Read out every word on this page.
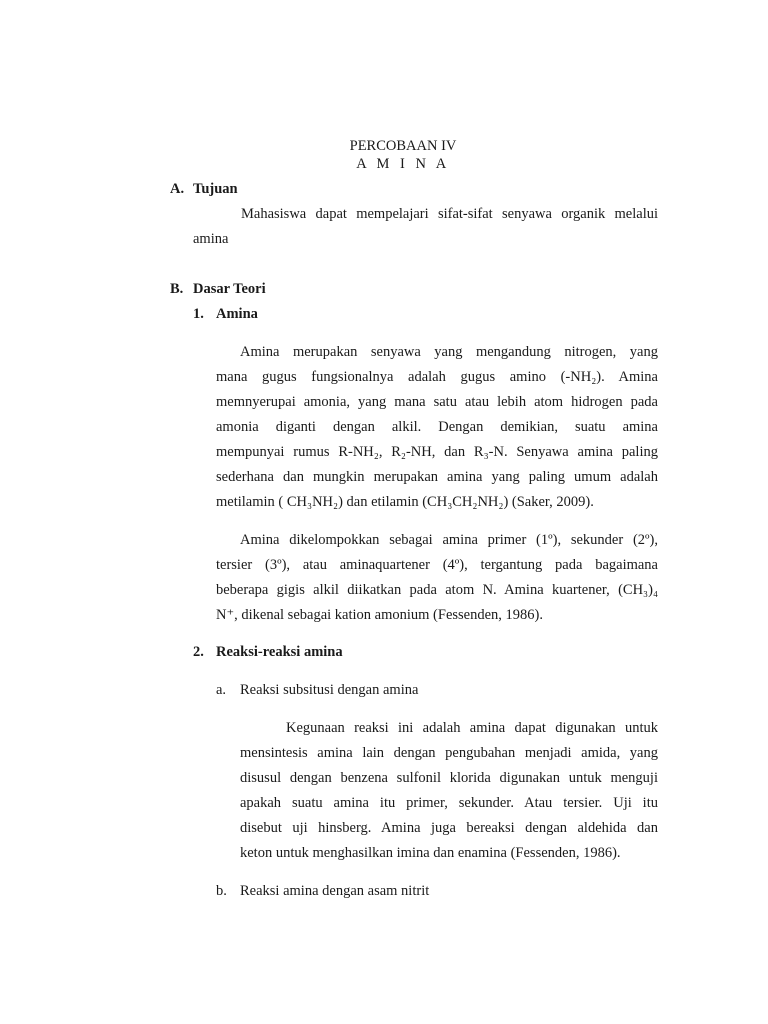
PERCOBAAN IV
A M I N A
A. Tujuan
Mahasiswa dapat mempelajari sifat-sifat senyawa organik melalui
amina
B. Dasar Teori
1. Amina
Amina merupakan senyawa yang mengandung nitrogen, yang
mana gugus fungsionalnya adalah gugus amino (-NH₂). Amina
memnyerupai amonia, yang mana satu atau lebih atom hidrogen pada
amonia diganti dengan alkil. Dengan demikian, suatu amina
mempunyai rumus R-NH₂, R₂-NH, dan R₃-N. Senyawa amina paling
sederhana dan mungkin merupakan amina yang paling umum adalah
metilamin ( CH₃NH₂) dan etilamin (CH₃CH₂NH₂) (Saker, 2009).
Amina dikelompokkan sebagai amina primer (1º), sekunder (2º),
tersier (3º), atau aminaquartener (4º), tergantung pada bagaimana
beberapa gigis alkil diikatkan pada atom N. Amina kuartener, (CH₃)₄
N⁺, dikenal sebagai kation amonium (Fessenden, 1986).
2. Reaksi-reaksi amina
a. Reaksi subsitusi dengan amina
Kegunaan reaksi ini adalah amina dapat digunakan untuk
mensintesis amina lain dengan pengubahan menjadi amida, yang
disusul dengan benzena sulfonil klorida digunakan untuk menguji
apakah suatu amina itu primer, sekunder. Atau tersier. Uji itu
disebut uji hinsberg. Amina juga bereaksi dengan aldehida dan
keton untuk menghasilkan imina dan enamina (Fessenden, 1986).
b. Reaksi amina dengan asam nitrit
